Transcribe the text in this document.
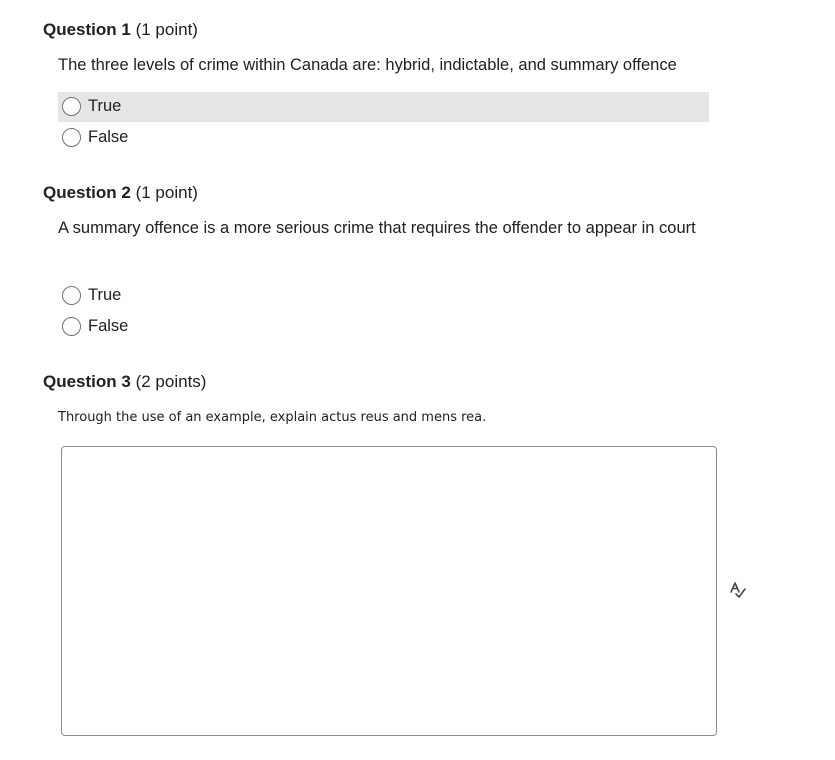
Question 1 (1 point)
The three levels of crime within Canada are: hybrid, indictable, and summary offence
True
False
Question 2 (1 point)
A summary offence is a more serious crime that requires the offender to appear in court
True
False
Question 3 (2 points)
Through the use of an example, explain actus reus and mens rea.
